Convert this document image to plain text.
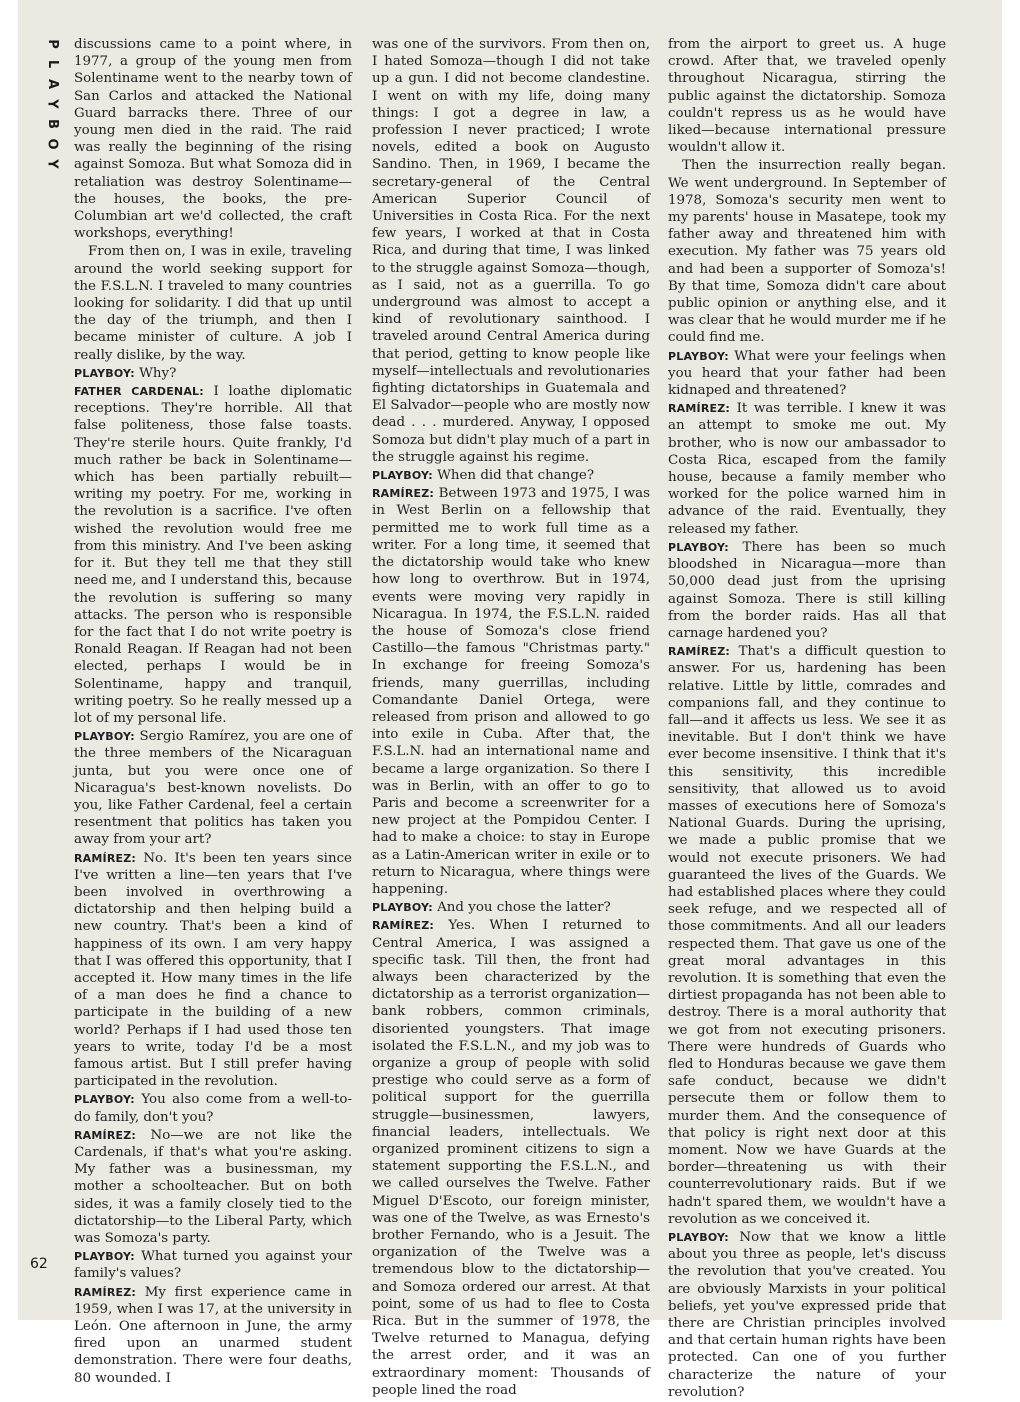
P
L
A
Y
B
O
Y

discussions came to a point where, in 1977, a group of the young men from Solentiname went to the nearby town of San Carlos and attacked the National Guard barracks there. Three of our young men died in the raid. The raid was really the beginning of the rising against Somoza. But what Somoza did in retaliation was destroy Solentiname—the houses, the books, the pre-Columbian art we'd collected, the craft workshops, everything!

From then on, I was in exile, traveling around the world seeking support for the F.S.L.N. I traveled to many countries looking for solidarity. I did that up until the day of the triumph, and then I became minister of culture. A job I really dislike, by the way.

PLAYBOY: Why?

FATHER CARDENAL: I loathe diplomatic receptions. They're horrible. All that false politeness, those false toasts. They're sterile hours. Quite frankly, I'd much rather be back in Solentiname—which has been partially rebuilt—writing my poetry. For me, working in the revolution is a sacrifice. I've often wished the revolution would free me from this ministry. And I've been asking for it. But they tell me that they still need me, and I understand this, because the revolution is suffering so many attacks. The person who is responsible for the fact that I do not write poetry is Ronald Reagan. If Reagan had not been elected, perhaps I would be in Solentiname, happy and tranquil, writing poetry. So he really messed up a lot of my personal life.

PLAYBOY: Sergio Ramírez, you are one of the three members of the Nicaraguan junta, but you were once one of Nicaragua's best-known novelists. Do you, like Father Cardenal, feel a certain resentment that politics has taken you away from your art?

RAMÍREZ: No. It's been ten years since I've written a line—ten years that I've been involved in overthrowing a dictatorship and then helping build a new country. That's been a kind of happiness of its own. I am very happy that I was offered this opportunity, that I accepted it. How many times in the life of a man does he find a chance to participate in the building of a new world? Perhaps if I had used those ten years to write, today I'd be a most famous artist. But I still prefer having participated in the revolution.

PLAYBOY: You also come from a well-to-do family, don't you?

RAMÍREZ: No—we are not like the Cardenals, if that's what you're asking. My father was a businessman, my mother a schoolteacher. But on both sides, it was a family closely tied to the dictatorship—to the Liberal Party, which was Somoza's party.

PLAYBOY: What turned you against your family's values?

RAMÍREZ: My first experience came in 1959, when I was 17, at the university in León. One afternoon in June, the army fired upon an unarmed student demonstration. There were four deaths, 80 wounded. I

was one of the survivors. From then on, I hated Somoza—though I did not take up a gun. I did not become clandestine. I went on with my life, doing many things: I got a degree in law, a profession I never practiced; I wrote novels, edited a book on Augusto Sandino. Then, in 1969, I became the secretary-general of the Central American Superior Council of Universities in Costa Rica. For the next few years, I worked at that in Costa Rica, and during that time, I was linked to the struggle against Somoza—though, as I said, not as a guerrilla. To go underground was almost to accept a kind of revolutionary sainthood. I traveled around Central America during that period, getting to know people like myself—intellectuals and revolutionaries fighting dictatorships in Guatemala and El Salvador—people who are mostly now dead . . . murdered. Anyway, I opposed Somoza but didn't play much of a part in the struggle against his regime.

PLAYBOY: When did that change?

RAMÍREZ: Between 1973 and 1975, I was in West Berlin on a fellowship that permitted me to work full time as a writer. For a long time, it seemed that the dictatorship would take who knew how long to overthrow. But in 1974, events were moving very rapidly in Nicaragua. In 1974, the F.S.L.N. raided the house of Somoza's close friend Castillo—the famous "Christmas party." In exchange for freeing Somoza's friends, many guerrillas, including Comandante Daniel Ortega, were released from prison and allowed to go into exile in Cuba. After that, the F.S.L.N. had an international name and became a large organization. So there I was in Berlin, with an offer to go to Paris and become a screenwriter for a new project at the Pompidou Center. I had to make a choice: to stay in Europe as a Latin-American writer in exile or to return to Nicaragua, where things were happening.

PLAYBOY: And you chose the latter?

RAMÍREZ: Yes. When I returned to Central America, I was assigned a specific task. Till then, the front had always been characterized by the dictatorship as a terrorist organization—bank robbers, common criminals, disoriented youngsters. That image isolated the F.S.L.N., and my job was to organize a group of people with solid prestige who could serve as a form of political support for the guerrilla struggle—businessmen, lawyers, financial leaders, intellectuals. We organized prominent citizens to sign a statement supporting the F.S.L.N., and we called ourselves the Twelve. Father Miguel D'Escoto, our foreign minister, was one of the Twelve, as was Ernesto's brother Fernando, who is a Jesuit. The organization of the Twelve was a tremendous blow to the dictatorship—and Somoza ordered our arrest. At that point, some of us had to flee to Costa Rica. But in the summer of 1978, the Twelve returned to Managua, defying the arrest order, and it was an extraordinary moment: Thousands of people lined the road

from the airport to greet us. A huge crowd. After that, we traveled openly throughout Nicaragua, stirring the public against the dictatorship. Somoza couldn't repress us as he would have liked—because international pressure wouldn't allow it.

Then the insurrection really began. We went underground. In September of 1978, Somoza's security men went to my parents' house in Masatepe, took my father away and threatened him with execution. My father was 75 years old and had been a supporter of Somoza's! By that time, Somoza didn't care about public opinion or anything else, and it was clear that he would murder me if he could find me.

PLAYBOY: What were your feelings when you heard that your father had been kidnaped and threatened?

RAMÍREZ: It was terrible. I knew it was an attempt to smoke me out. My brother, who is now our ambassador to Costa Rica, escaped from the family house, because a family member who worked for the police warned him in advance of the raid. Eventually, they released my father.

PLAYBOY: There has been so much bloodshed in Nicaragua—more than 50,000 dead just from the uprising against Somoza. There is still killing from the border raids. Has all that carnage hardened you?

RAMÍREZ: That's a difficult question to answer. For us, hardening has been relative. Little by little, comrades and companions fall, and they continue to fall—and it affects us less. We see it as inevitable. But I don't think we have ever become insensitive. I think that it's this sensitivity, this incredible sensitivity, that allowed us to avoid masses of executions here of Somoza's National Guards. During the uprising, we made a public promise that we would not execute prisoners. We had guaranteed the lives of the Guards. We had established places where they could seek refuge, and we respected all of those commitments. And all our leaders respected them. That gave us one of the great moral advantages in this revolution. It is something that even the dirtiest propaganda has not been able to destroy. There is a moral authority that we got from not executing prisoners. There were hundreds of Guards who fled to Honduras because we gave them safe conduct, because we didn't persecute them or follow them to murder them. And the consequence of that policy is right next door at this moment. Now we have Guards at the border—threatening us with their counterrevolutionary raids. But if we hadn't spared them, we wouldn't have a revolution as we conceived it.

PLAYBOY: Now that we know a little about you three as people, let's discuss the revolution that you've created. You are obviously Marxists in your political beliefs, yet you've expressed pride that there are Christian principles involved and that certain human rights have been protected. Can one of you further characterize the nature of your revolution?

62
